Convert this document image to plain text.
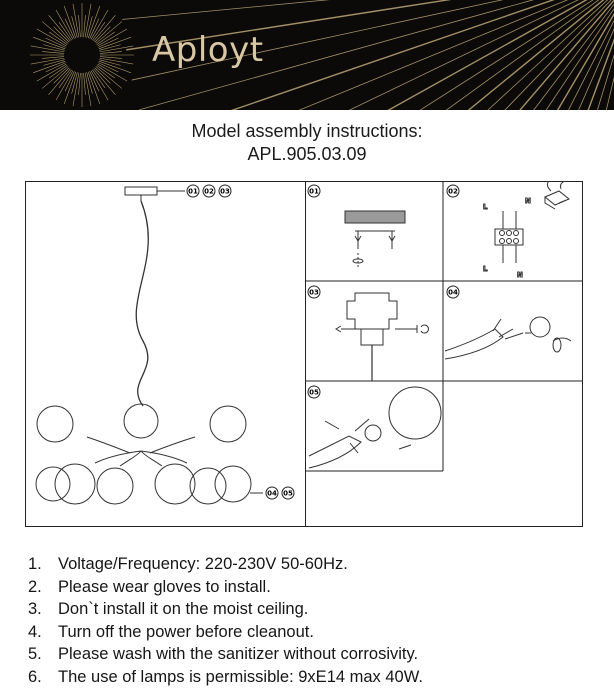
Aployt
Model assembly instructions:
APL.905.03.09
01 02 03
04 05
01	02
03	04
05
L
N
L
N
1. Voltage/Frequency: 220-230V 50-60Hz.
2. Please wear gloves to install.
3. Don`t install it on the moist ceiling.
4. Turn off the power before cleanout.
5. Please wash with the sanitizer without corrosivity.
6. The use of lamps is permissible: 9xE14 max 40W.
